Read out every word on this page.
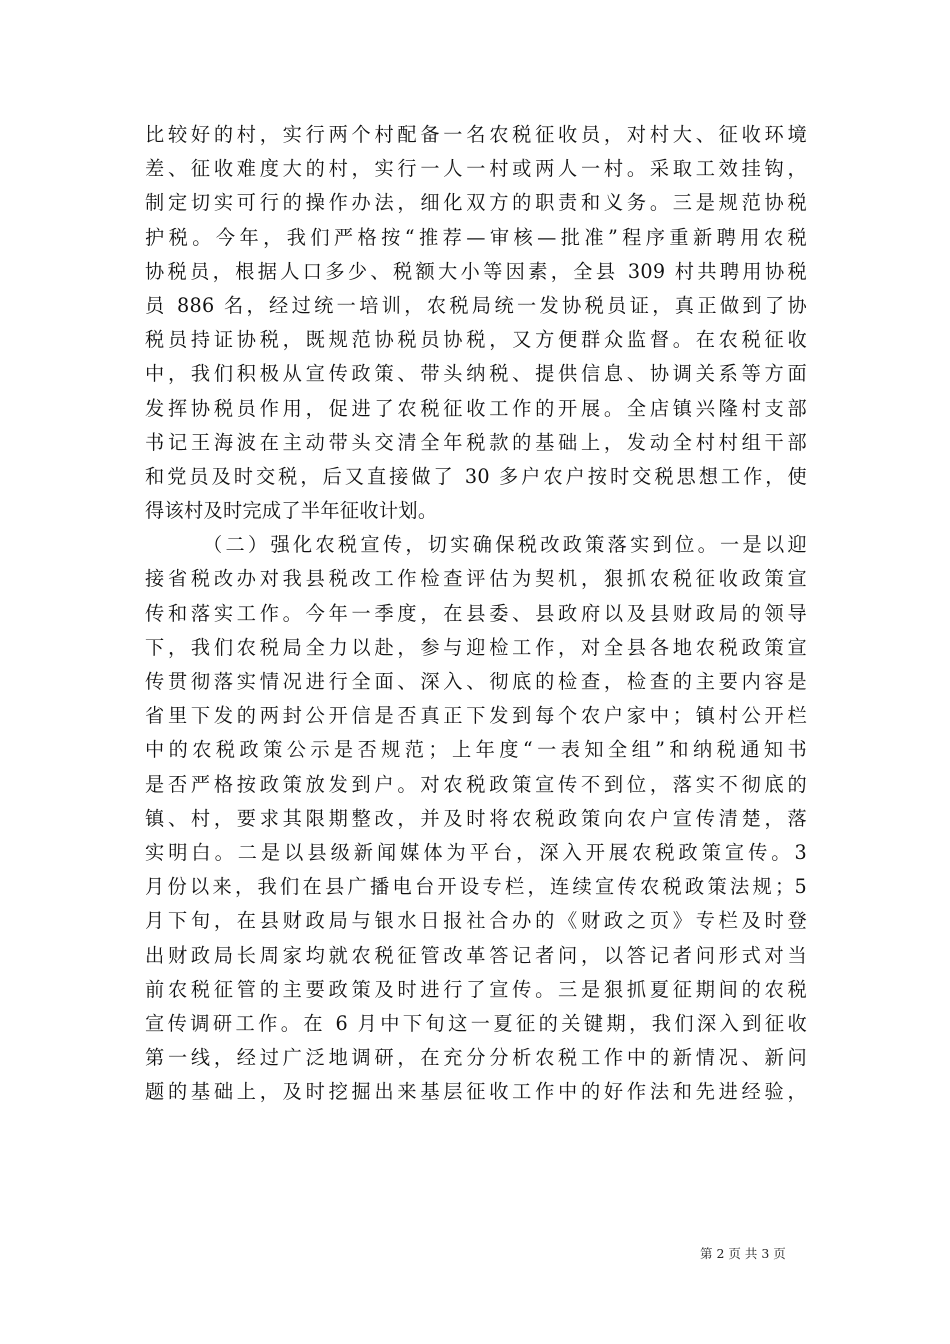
比较好的村，实行两个村配备一名农税征收员，对村大、征收环境
差、征收难度大的村，实行一人一村或两人一村。采取工效挂钩，
制定切实可行的操作办法，细化双方的职责和义务。三是规范协税
护税。今年，我们严格按“推荐—审核—批准”程序重新聘用农税
协税员，根据人口多少、税额大小等因素，全县 309 村共聘用协税
员 886 名，经过统一培训，农税局统一发协税员证，真正做到了协
税员持证协税，既规范协税员协税，又方便群众监督。在农税征收
中，我们积极从宣传政策、带头纳税、提供信息、协调关系等方面
发挥协税员作用，促进了农税征收工作的开展。全店镇兴隆村支部
书记王海波在主动带头交清全年税款的基础上，发动全村村组干部
和党员及时交税，后又直接做了 30 多户农户按时交税思想工作，使
得该村及时完成了半年征收计划。
（二）强化农税宣传，切实确保税改政策落实到位。一是以迎
接省税改办对我县税改工作检查评估为契机，狠抓农税征收政策宣
传和落实工作。今年一季度，在县委、县政府以及县财政局的领导
下，我们农税局全力以赴，参与迎检工作，对全县各地农税政策宣
传贯彻落实情况进行全面、深入、彻底的检查，检查的主要内容是
省里下发的两封公开信是否真正下发到每个农户家中；镇村公开栏
中的农税政策公示是否规范；上年度“一表知全组”和纳税通知书
是否严格按政策放发到户。对农税政策宣传不到位，落实不彻底的
镇、村，要求其限期整改，并及时将农税政策向农户宣传清楚，落
实明白。二是以县级新闻媒体为平台，深入开展农税政策宣传。3
月份以来，我们在县广播电台开设专栏，连续宣传农税政策法规；5
月下旬，在县财政局与银水日报社合办的《财政之页》专栏及时登
出财政局长周家均就农税征管改革答记者问，以答记者问形式对当
前农税征管的主要政策及时进行了宣传。三是狠抓夏征期间的农税
宣传调研工作。在 6 月中下旬这一夏征的关键期，我们深入到征收
第一线，经过广泛地调研，在充分分析农税工作中的新情况、新问
题的基础上，及时挖掘出来基层征收工作中的好作法和先进经验，
第 2 页 共 3 页
